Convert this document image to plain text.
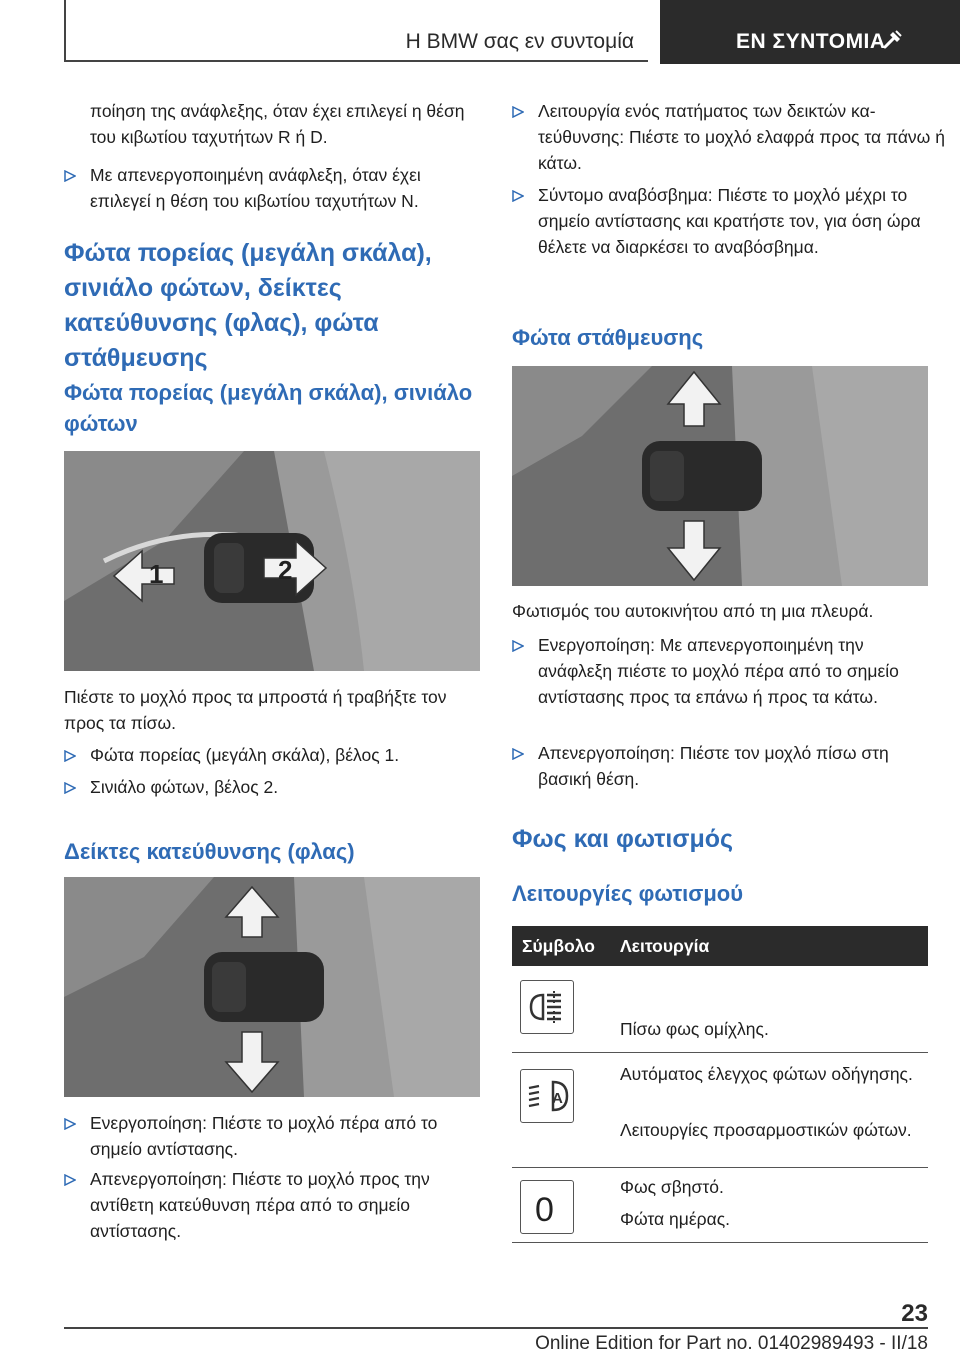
Η BMW σας εν συντομία	ΕΝ ΣΥΝΤΟΜΙΑ

ποίηση της ανάφλεξης, όταν έχει επιλεγεί η θέση του κιβωτίου ταχυτήτων R ή D.

Με απενεργοποιημένη ανάφλεξη, όταν έχει επιλεγεί η θέση του κιβωτίου ταχυτήτων N.
Φώτα πορείας (μεγάλη σκάλα), σινιάλο φώτων, δείκτες κατεύθυνσης (φλας), φώτα στάθμευσης
Φώτα πορείας (μεγάλη σκάλα), σινιάλο φώτων
1	2

Πιέστε το μοχλό προς τα μπροστά ή τραβήξτε τον προς τα πίσω.

Φώτα πορείας (μεγάλη σκάλα), βέλος 1.
Σινιάλο φώτων, βέλος 2.
Δείκτες κατεύθυνσης (φλας)
Ενεργοποίηση: Πιέστε το μοχλό πέρα από το σημείο αντίστασης.
Απενεργοποίηση: Πιέστε το μοχλό προς την αντίθετη κατεύθυνση πέρα από το σημείο αντίστασης.
Λειτουργία ενός πατήματος των δεικτών κατεύθυνσης: Πιέστε το μοχλό ελαφρά προς τα πάνω ή κάτω.
Σύντομο αναβόσβημα: Πιέστε το μοχλό μέχρι το σημείο αντίστασης και κρατήστε τον, για όση ώρα θέλετε να διαρκέσει το αναβόσβημα.
Φώτα στάθμευσης

Φωτισμός του αυτοκινήτου από τη μια πλευρά.

Ενεργοποίηση: Με απενεργοποιημένη την ανάφλεξη πιέστε το μοχλό πέρα από το σημείο αντίστασης προς τα επάνω ή προς τα κάτω.
Απενεργοποίηση: Πιέστε τον μοχλό πίσω στη βασική θέση.
Φως και φωτισμός
Λειτουργίες φωτισμού
Σύμβολο Λειτουργία
Πίσω φως ομίχλης.
A
Αυτόματος έλεγχος φώτων οδήγησης.
Λειτουργίες προσαρμοστικών φώτων.
0
Φως σβηστό.
Φώτα ημέρας.
23
Online Edition for Part no. 01402989493 - II/18
